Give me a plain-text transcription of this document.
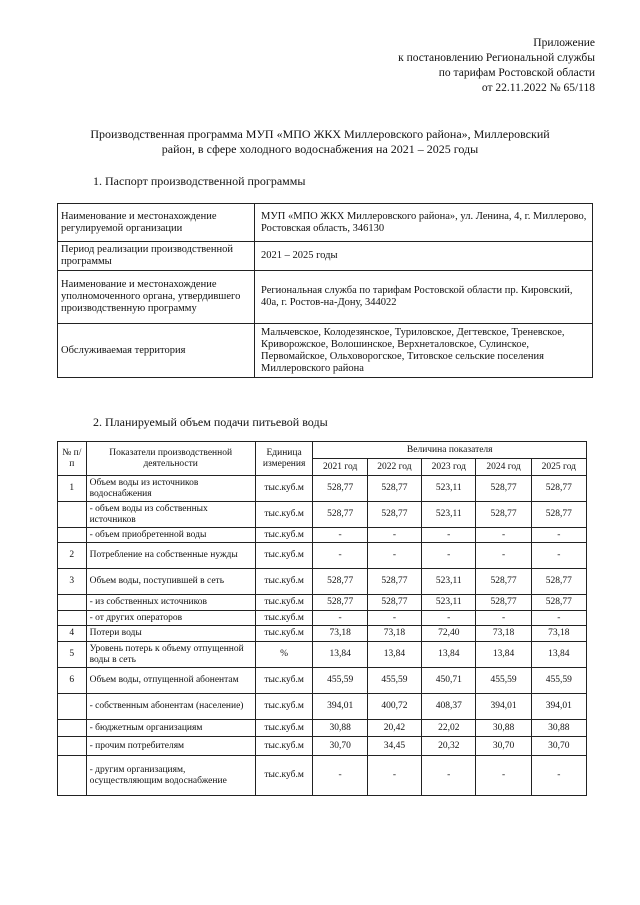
Приложение
к постановлению Региональной службы
по тарифам Ростовской области
от 22.11.2022 № 65/118
Производственная программа МУП «МПО ЖКХ Миллеровского района», Миллеровский
район, в сфере холодного водоснабжения на 2021 – 2025 годы
1. Паспорт производственной программы
Наименование и местонахождение регулируемой организации	МУП «МПО ЖКХ Миллеровского района», ул. Ленина, 4, г. Миллерово, Ростовская область, 346130
Период реализации производственной программы	2021 – 2025 годы
Наименование и местонахождение уполномоченного органа, утвердившего производственную программу	Региональная служба по тарифам Ростовской области пр. Кировский, 40а, г. Ростов-на-Дону, 344022
Обслуживаемая территория	Мальчевское, Колодезянское, Туриловское, Дегтевское, Треневское, Криворожское, Волошинское, Верхнеталовское, Сулинское, Первомайское, Ольховорогское, Титовское сельские поселения Миллеровского района
2. Планируемый объем подачи питьевой воды
№ п/п	Показатели производственной деятельности	Единица измерения	Величина показателя				
			2021 год	2022 год	2023 год	2024 год	2025 год
1	Объем воды из источников водоснабжения	тыс.куб.м	528,77	528,77	523,11	528,77	528,77
	- объем воды из собственных источников	тыс.куб.м	528,77	528,77	523,11	528,77	528,77
	- объем приобретенной воды	тыс.куб.м	-	-	-	-	-
2	Потребление на собственные нужды	тыс.куб.м	-	-	-	-	-
3	Объем воды, поступившей в сеть	тыс.куб.м	528,77	528,77	523,11	528,77	528,77
	- из собственных источников	тыс.куб.м	528,77	528,77	523,11	528,77	528,77
	- от других операторов	тыс.куб.м	-	-	-	-	-
4	Потери воды	тыс.куб.м	73,18	73,18	72,40	73,18	73,18
5	Уровень потерь к объему отпущенной воды в сеть	%	13,84	13,84	13,84	13,84	13,84
6	Объем воды, отпущенной абонентам	тыс.куб.м	455,59	455,59	450,71	455,59	455,59
	- собственным абонентам (население)	тыс.куб.м	394,01	400,72	408,37	394,01	394,01
	- бюджетным организациям	тыс.куб.м	30,88	20,42	22,02	30,88	30,88
	- прочим потребителям	тыс.куб.м	30,70	34,45	20,32	30,70	30,70
	- другим организациям, осуществляющим водоснабжение	тыс.куб.м	-	-	-	-	-
